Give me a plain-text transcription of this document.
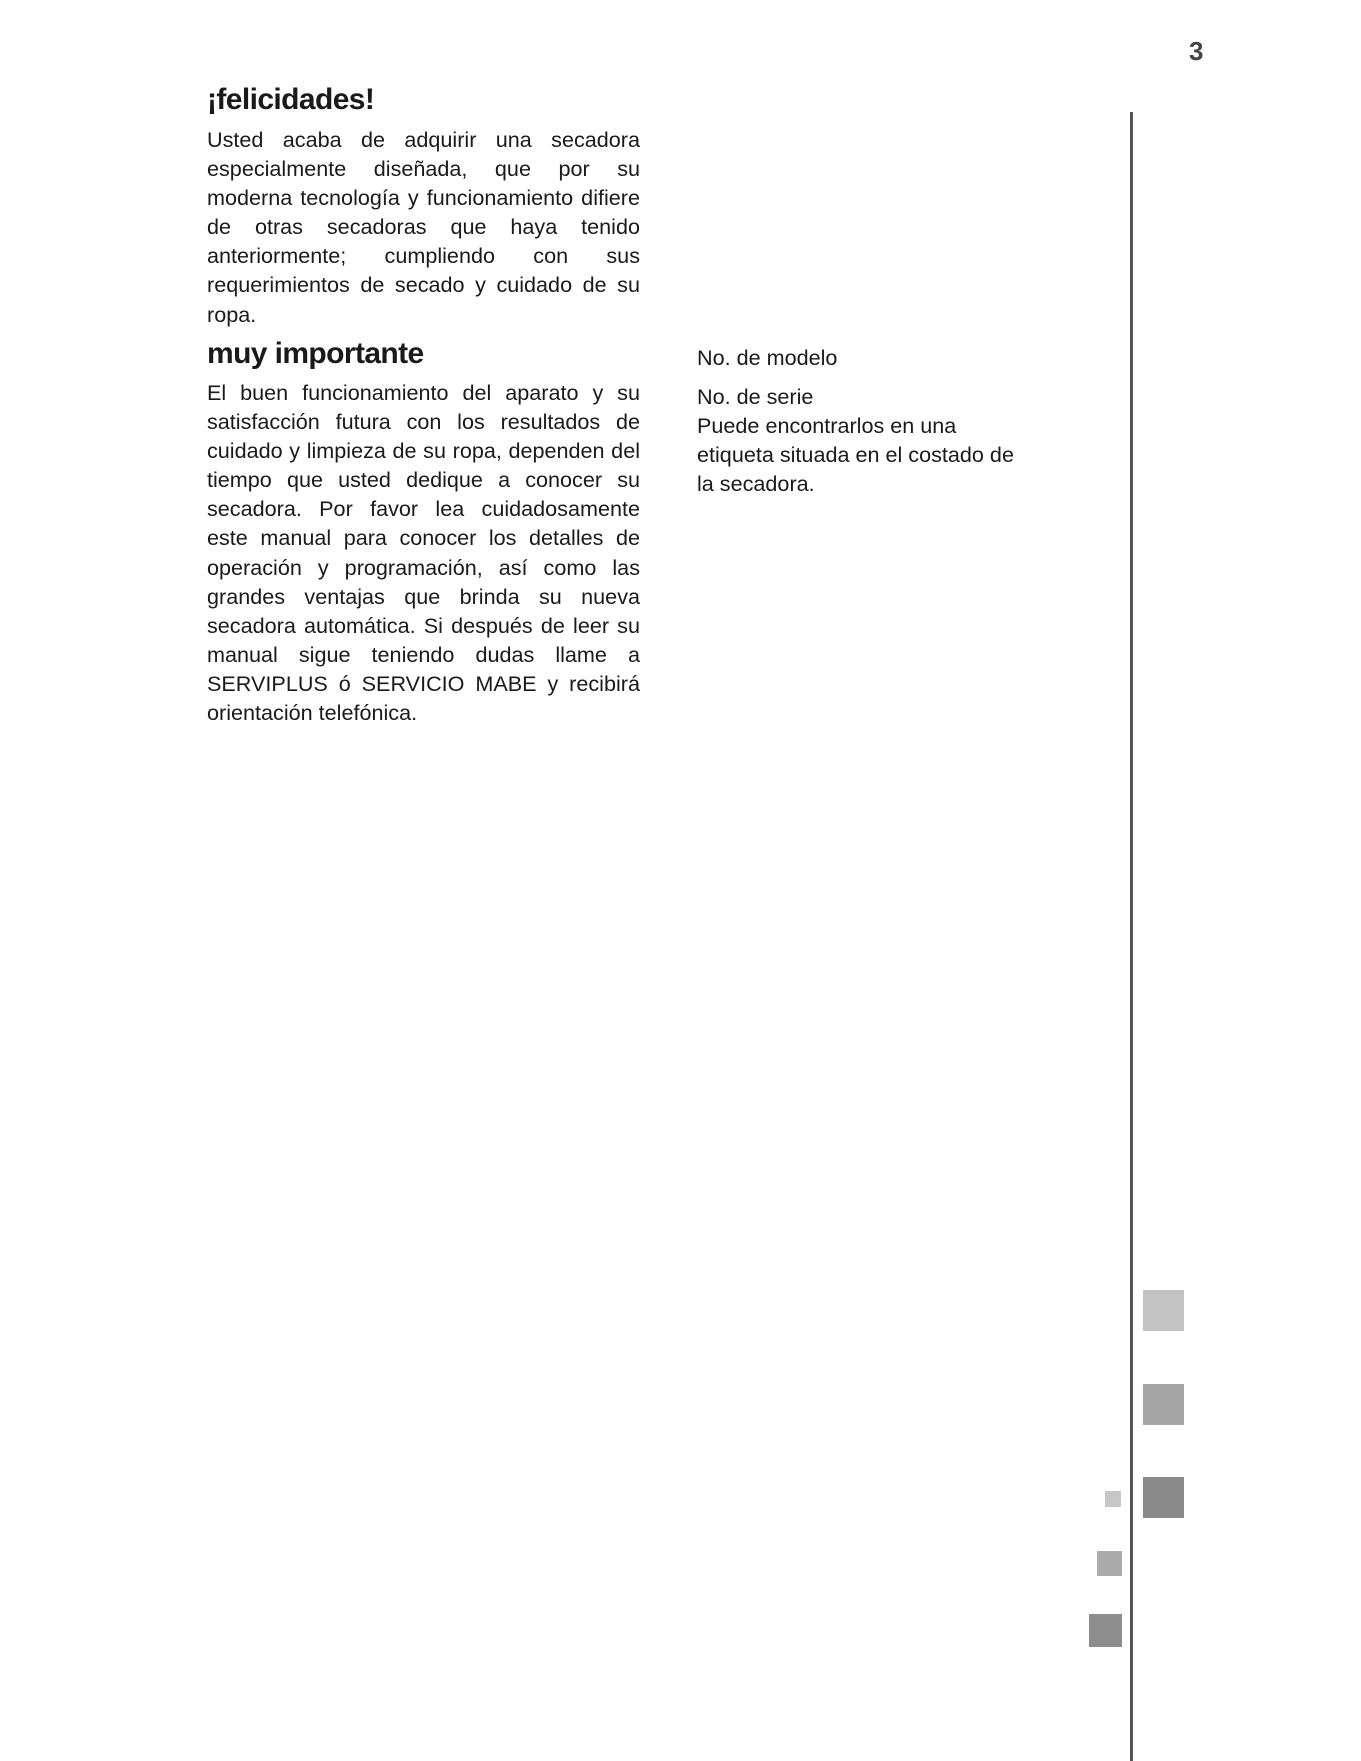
3
¡felicidades!

Usted acaba de adquirir una secadora especialmente diseñada, que por su moderna tecnología y funcionamiento difiere de otras secadoras que haya tenido anteriormente; cumpliendo con sus requerimientos de secado y cuidado de su ropa.

muy importante

El buen funcionamiento del aparato y su satisfacción futura con los resultados de cuidado y limpieza de su ropa, dependen del tiempo que usted dedique a conocer su secadora. Por favor lea cuidadosamente este manual para conocer los detalles de operación y programación, así como las grandes ventajas que brinda su nueva secadora automática. Si después de leer su manual sigue teniendo dudas llame a SERVIPLUS ó SERVICIO MABE y recibirá orientación telefónica.

No. de modelo
No. de serie
Puede encontrarlos en una etiqueta situada en el costado de la secadora.
